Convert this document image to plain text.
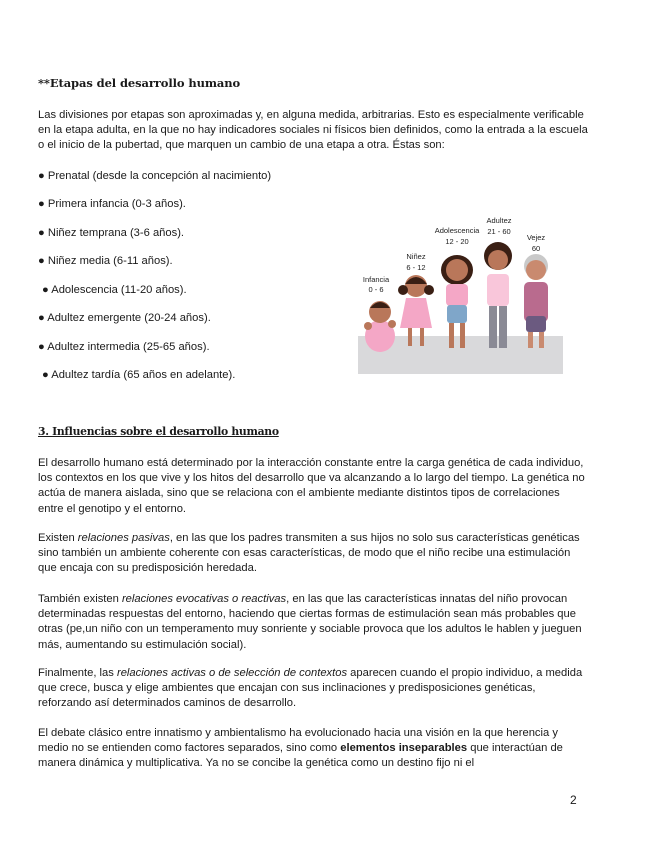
**Etapas del desarrollo humano
Las divisiones por etapas son aproximadas y, en alguna medida, arbitrarias. Esto es especialmente verificable en la etapa adulta, en la que no hay indicadores sociales ni físicos bien definidos, como la entrada a la escuela o el inicio de la pubertad, que marquen un cambio de una etapa a otra. Éstas son:
● Prenatal (desde la concepción al nacimiento)
● Primera infancia (0-3 años).
● Niñez temprana (3-6 años).
● Niñez media (6-11 años).
● Adolescencia (11-20 años).
● Adultez emergente (20-24 años).
● Adultez intermedia (25-65 años).
● Adultez tardía (65 años en adelante).
Infancia
0 - 6
Niñez
6 - 12
Adolescencia
12 - 20
Adultez
21 - 60
Vejez
60
3. Influencias sobre el desarrollo humano
El desarrollo humano está determinado por la interacción constante entre la carga genética de cada individuo, los contextos en los que vive y los hitos del desarrollo que va alcanzando a lo largo del tiempo. La genética no actúa de manera aislada, sino que se relaciona con el ambiente mediante distintos tipos de correlaciones entre el genotipo y el entorno.
Existen relaciones pasivas, en las que los padres transmiten a sus hijos no solo sus características genéticas sino también un ambiente coherente con esas características, de modo que el niño recibe una estimulación que encaja con su predisposición heredada.
También existen relaciones evocativas o reactivas, en las que las características innatas del niño provocan determinadas respuestas del entorno, haciendo que ciertas formas de estimulación sean más probables que otras (pe,un niño con un temperamento muy sonriente y sociable provoca que los adultos le hablen y jueguen más, aumentando su estimulación social).
Finalmente, las relaciones activas o de selección de contextos aparecen cuando el propio individuo, a medida que crece, busca y elige ambientes que encajan con sus inclinaciones y predisposiciones genéticas, reforzando así determinados caminos de desarrollo.
El debate clásico entre innatismo y ambientalismo ha evolucionado hacia una visión en la que herencia y medio no se entienden como factores separados, sino como elementos inseparables que interactúan de manera dinámica y multiplicativa. Ya no se concibe la genética como un destino fijo ni el
2
